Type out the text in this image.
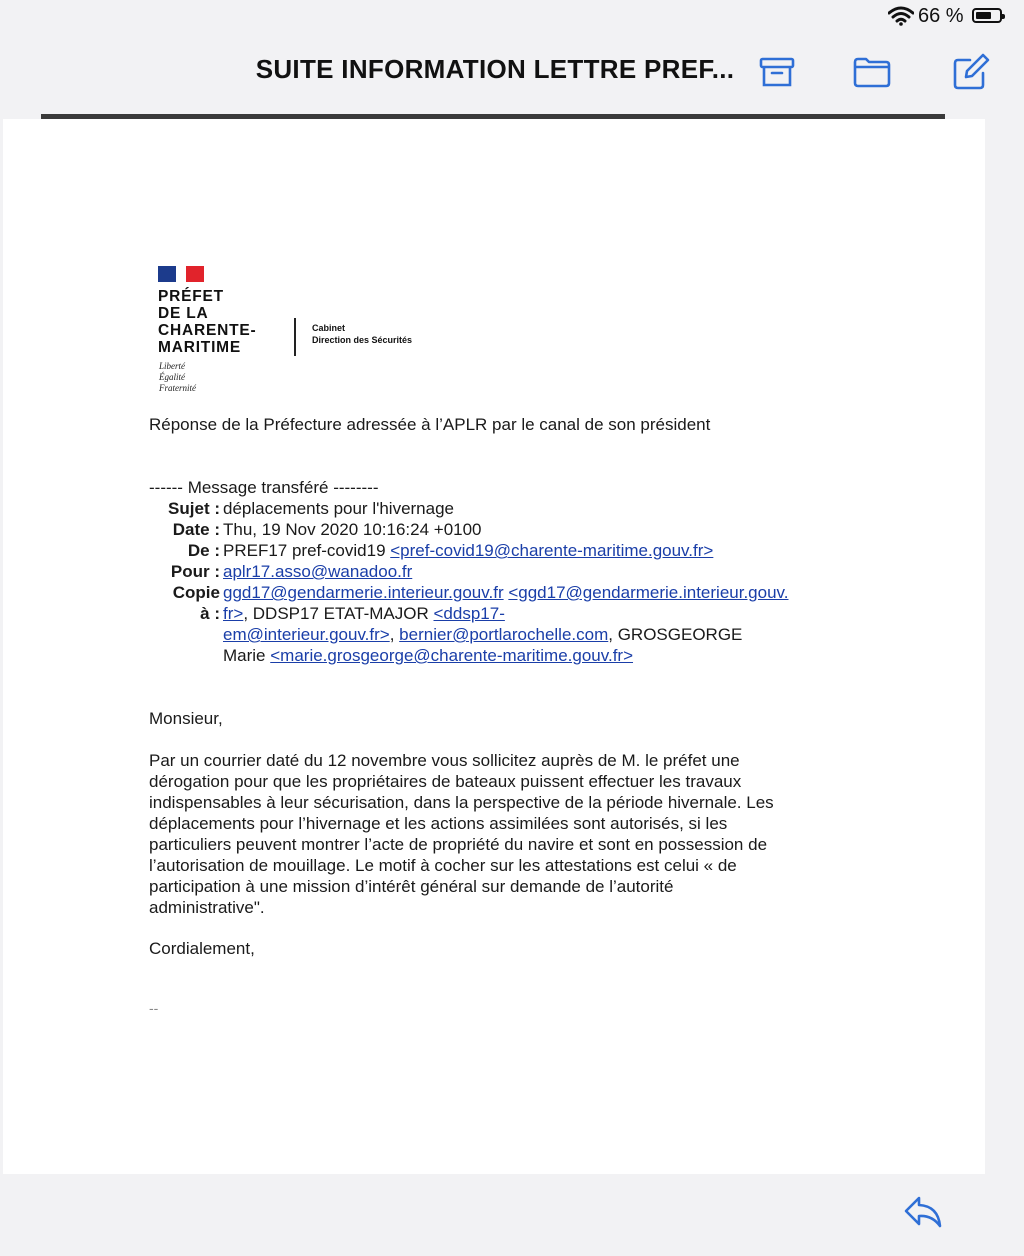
66 %
SUITE INFORMATION LETTRE PREF...
PRÉFET
DE LA
CHARENTE-
MARITIME
Liberté
Égalité
Fraternité
Cabinet
Direction des Sécurités
Réponse de la Préfecture adressée à l’APLR par le canal de son président
------ Message transféré --------
Sujet : déplacements pour l'hivernage
Date : Thu, 19 Nov 2020 10:16:24 +0100
De : PREF17 pref-covid19 <pref-covid19@charente-maritime.gouv.fr>
Pour : aplr17.asso@wanadoo.fr
Copie ggd17@gendarmerie.interieur.gouv.fr <ggd17@gendarmerie.interieur.gouv.
à : fr>, DDSP17 ETAT-MAJOR <ddsp17-
em@interieur.gouv.fr>, bernier@portlarochelle.com, GROSGEORGE
Marie <marie.grosgeorge@charente-maritime.gouv.fr>
Monsieur,
Par un courrier daté du 12 novembre vous sollicitez auprès de M. le préfet une
dérogation pour que les propriétaires de bateaux puissent effectuer les travaux
indispensables à leur sécurisation, dans la perspective de la période hivernale. Les
déplacements pour l’hivernage et les actions assimilées sont autorisés, si les
particuliers peuvent montrer l’acte de propriété du navire et sont en possession de
l’autorisation de mouillage. Le motif à cocher sur les attestations est celui « de
participation à une mission d’intérêt général sur demande de l’autorité
administrative".
Cordialement,
--
